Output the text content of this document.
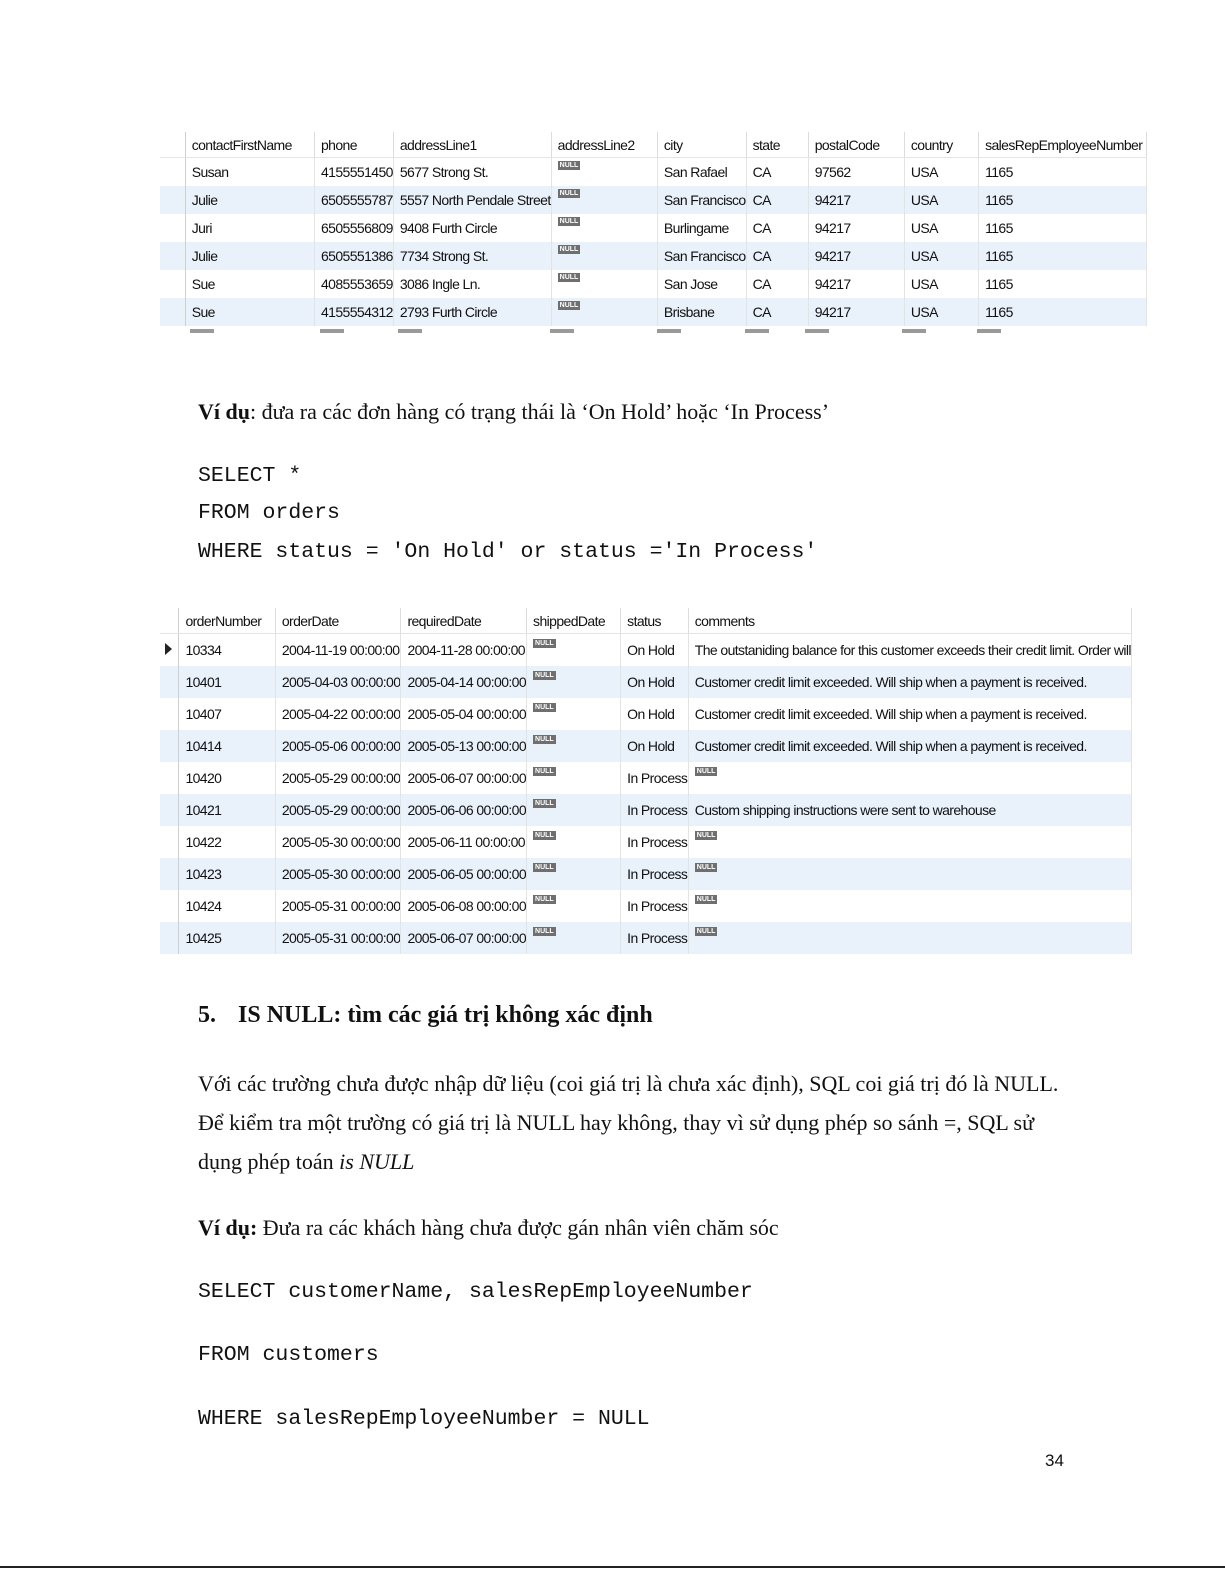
	contactFirstName	phone	addressLine1	addressLine2	city	state	postalCode	country	salesRepEmployeeNumber
	Susan	4155551450	5677 Strong St.	NULL	San Rafael	CA	97562	USA	1165
	Julie	6505555787	5557 North Pendale Street	NULL	San Francisco	CA	94217	USA	1165
	Juri	6505556809	9408 Furth Circle	NULL	Burlingame	CA	94217	USA	1165
	Julie	6505551386	7734 Strong St.	NULL	San Francisco	CA	94217	USA	1165
	Sue	4085553659	3086 Ingle Ln.	NULL	San Jose	CA	94217	USA	1165
	Sue	4155554312	2793 Furth Circle	NULL	Brisbane	CA	94217	USA	1165

Ví dụ: đưa ra các đơn hàng có trạng thái là ‘On Hold’ hoặc ‘In Process’

SELECT *

FROM orders

WHERE status = 'On Hold' or status ='In Process'

	orderNumber	orderDate	requiredDate	shippedDate	status	comments
	10334	2004-11-19 00:00:00	2004-11-28 00:00:00	NULL	On Hold	The outstaniding balance for this customer exceeds their credit limit. Order will
	10401	2005-04-03 00:00:00	2005-04-14 00:00:00	NULL	On Hold	Customer credit limit exceeded. Will ship when a payment is received.
	10407	2005-04-22 00:00:00	2005-05-04 00:00:00	NULL	On Hold	Customer credit limit exceeded. Will ship when a payment is received.
	10414	2005-05-06 00:00:00	2005-05-13 00:00:00	NULL	On Hold	Customer credit limit exceeded. Will ship when a payment is received.
	10420	2005-05-29 00:00:00	2005-06-07 00:00:00	NULL	In Process	NULL
	10421	2005-05-29 00:00:00	2005-06-06 00:00:00	NULL	In Process	Custom shipping instructions were sent to warehouse
	10422	2005-05-30 00:00:00	2005-06-11 00:00:00	NULL	In Process	NULL
	10423	2005-05-30 00:00:00	2005-06-05 00:00:00	NULL	In Process	NULL
	10424	2005-05-31 00:00:00	2005-06-08 00:00:00	NULL	In Process	NULL
	10425	2005-05-31 00:00:00	2005-06-07 00:00:00	NULL	In Process	NULL

5. IS NULL: tìm các giá trị không xác định

Với các trường chưa được nhập dữ liệu (coi giá trị là chưa xác định), SQL coi giá trị đó là NULL. Để kiểm tra một trường có giá trị là NULL hay không, thay vì sử dụng phép so sánh =, SQL sử dụng phép toán is NULL

Ví dụ: Đưa ra các khách hàng chưa được gán nhân viên chăm sóc

SELECT customerName, salesRepEmployeeNumber

FROM customers

WHERE salesRepEmployeeNumber = NULL

34
